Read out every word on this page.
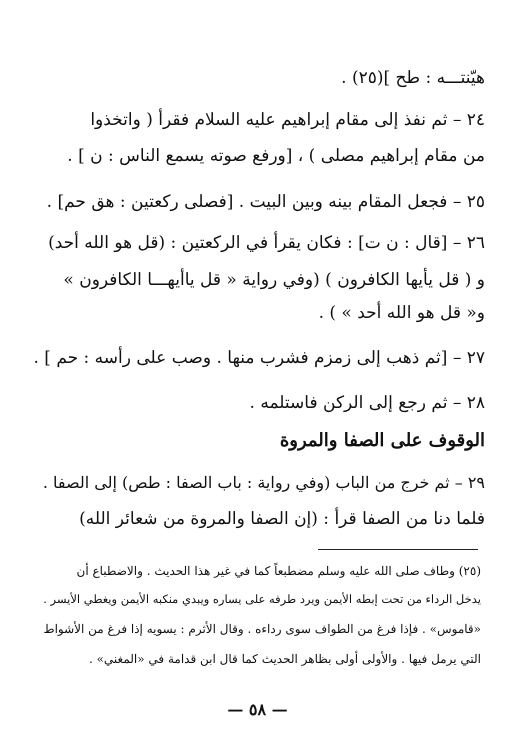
هيّنتـــه : طح ](٢٥) .
٢٤ – ثم نفذ إلى مقام إبراهيم عليه السلام فقرأ ( واتخذوا
من مقام إبراهيم مصلى ) ، [ورفع صوته يسمع الناس : ن ] .
٢٥ – فجعل المقام بينه وبين البيت . [فصلى ركعتين : هق حم] .
٢٦ – [قال : ن ت] : فكان يقرأ في الركعتين : (قل هو الله أحد)
و ( قل يأيها الكافرون ) (وفي رواية « قل ياأيهـــا الكافرون »
و« قل هو الله أحد » ) .
٢٧ – [ثم ذهب إلى زمزم فشرب منها . وصب على رأسه : حم ] .
٢٨ – ثم رجع إلى الركن فاستلمه .
الوقوف على الصفا والمروة
٢٩ – ثم خرج من الباب (وفي رواية : باب الصفا : طص) إلى الصفا .
فلما دنا من الصفا قرأ : (إن الصفا والمروة من شعائر الله)
(٢٥) وطاف صلى الله عليه وسلم مضطبعاً كما في غير هذا الحديث . والاضطباع أن
يدخل الرداء من تحت إبطه الأيمن ويرد طرفه على يساره ويبدي منكبه الأيمن ويغطي الأيسر .
«قاموس» . فإذا فرغ من الطواف سوى رداءه . وقال الأثرم : يسويه إذا فرغ من الأشواط
التي يرمل فيها . والأولى أولى بظاهر الحديث كما قال ابن قدامة في «المغني» .
— ٥٨ —
